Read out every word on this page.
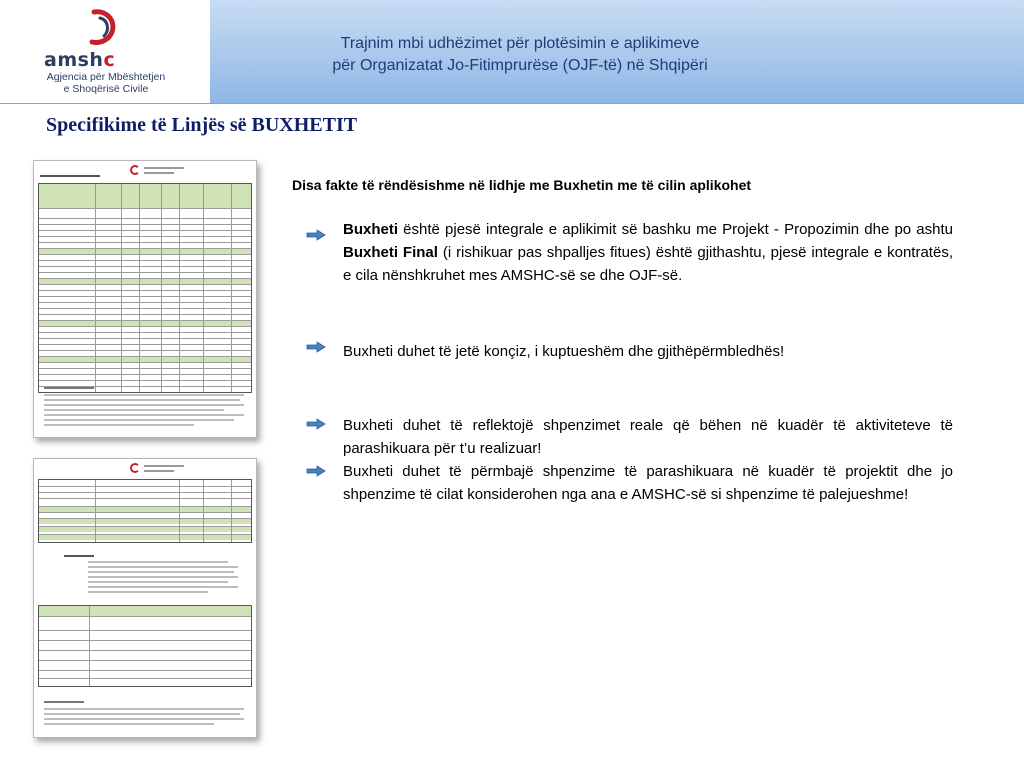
amshc
Agjencia për Mbështetjen
e Shoqërisë Civile
Trajnim mbi udhëzimet për plotësimin e aplikimeve
për Organizatat Jo-Fitimprurëse (OJF-të) në Shqipëri
Specifikime të Linjës së BUXHETIT
Disa fakte të rëndësishme në lidhje me Buxhetin me të cilin aplikohet
Buxheti është pjesë integrale e aplikimit së bashku me Projekt - Propozimin dhe po ashtu Buxheti Final (i rishikuar pas shpalljes fitues) është gjithashtu, pjesë integrale e kontratës, e cila nënshkruhet mes AMSHC-së se dhe OJF-së.
Buxheti duhet të jetë konçiz, i kuptueshëm dhe gjithëpërmbledhës!
Buxheti duhet të reflektojë shpenzimet reale që bëhen në kuadër të aktiviteteve të parashikuara për t’u realizuar!
Buxheti duhet të përmbajë shpenzime të parashikuara në kuadër të projektit dhe jo shpenzime të cilat konsiderohen nga ana e AMSHC-së si shpenzime të palejueshme!
